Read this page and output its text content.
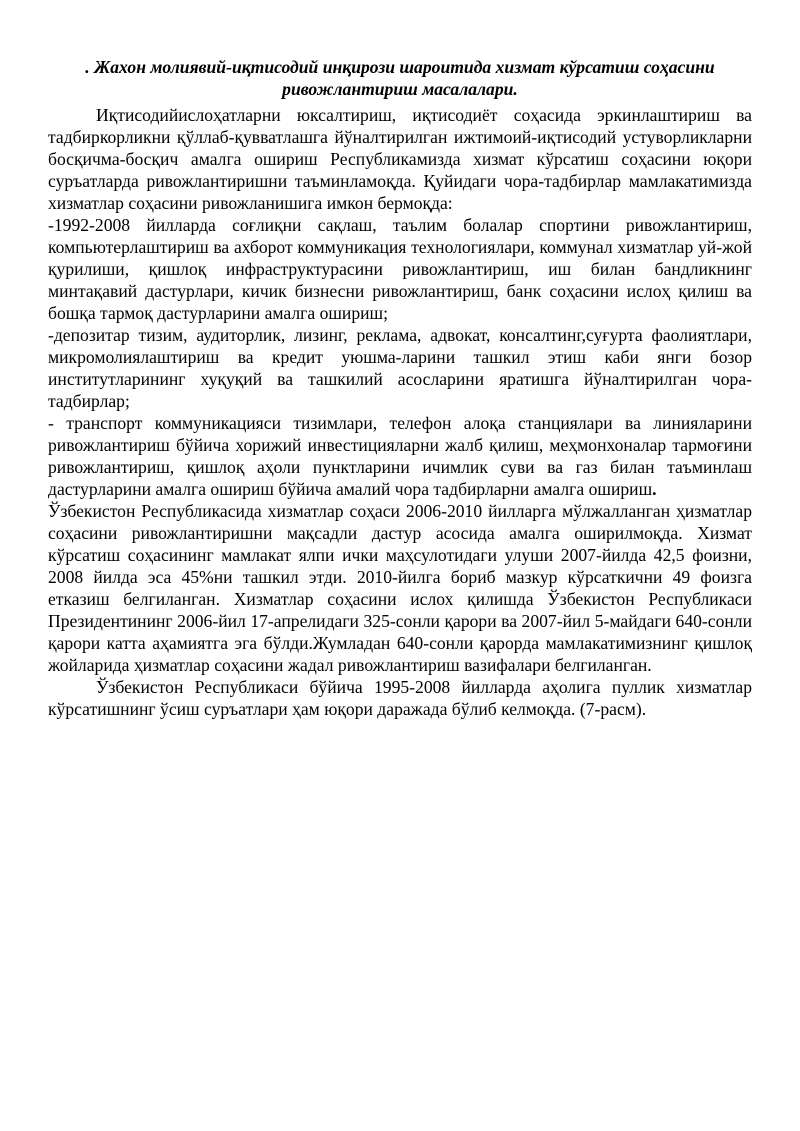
. Жахон молиявий-иқтисодий инқирози шароитида хизмат кўрсатиш соҳасини
ривожлантириш масалалари.

Иқтисодийислоҳатларни юксалтириш, иқтисодиёт соҳасида эркинлаштириш ва тадбиркорликни қўллаб-қувватлашга йўналтирилган ижтимоий-иқтисодий устуворликларни босқичма-босқич амалга ошириш Республикамизда хизмат кўрсатиш соҳасини юқори суръатларда ривожлантиришни таъминламоқда. Қуйидаги чора-тадбирлар мамлакатимизда хизматлар соҳасини ривожланишига имкон бермоқда:

-1992-2008 йилларда соғлиқни сақлаш, таълим болалар спортини ривожлантириш, компьютерлаштириш ва ахборот коммуникация технологиялари, коммунал хизматлар уй-жой қурилиши, қишлоқ инфраструктурасини ривожлантириш, иш билан бандликнинг минтақавий дастурлари, кичик бизнесни ривожлантириш, банк соҳасини ислоҳ қилиш ва бошқа тармоқ дастурларини амалга ошириш;

-депозитар тизим, аудиторлик, лизинг, реклама, адвокат, консалтинг,суғурта фаолиятлари, микромолиялаштириш ва кредит уюшма-ларини ташкил этиш каби янги бозор институтларининг хуқуқий ва ташкилий асосларини яратишга йўналтирилган чора-тадбирлар;

- транспорт коммуникацияси тизимлари, телефон алоқа станциялари ва линияларини ривожлантириш бўйича хорижий инвестицияларни жалб қилиш, меҳмонхоналар тармоғини ривожлантириш, қишлоқ аҳоли пунктларини ичимлик суви ва газ билан таъминлаш дастурларини амалга ошириш бўйича амалий чора тадбирларни амалга ошириш.

Ўзбекистон Республикасида хизматлар соҳаси 2006-2010 йилларга мўлжалланган ҳизматлар соҳасини ривожлантиришни мақсадли дастур асосида амалга оширилмоқда. Хизмат кўрсатиш соҳасининг мамлакат ялпи ички маҳсулотидаги улуши 2007-йилда 42,5 фоизни, 2008 йилда эса 45%ни ташкил этди. 2010-йилга бориб мазкур кўрсаткични 49 фоизга етказиш белгиланган. Хизматлар соҳасини ислох қилишда Ўзбекистон Республикаси Президентининг 2006-йил 17-апрелидаги 325-сонли қарори ва 2007-йил 5-майдаги 640-сонли қарори катта аҳамиятга эга бўлди.Жумладан 640-сонли қарорда мамлакатимизнинг қишлоқ жойларида ҳизматлар соҳасини жадал ривожлантириш вазифалари белгиланган.

Ўзбекистон Республикаси бўйича 1995-2008 йилларда аҳолига пуллик хизматлар кўрсатишнинг ўсиш суръатлари ҳам юқори даражада бўлиб келмоқда. (7-расм).
